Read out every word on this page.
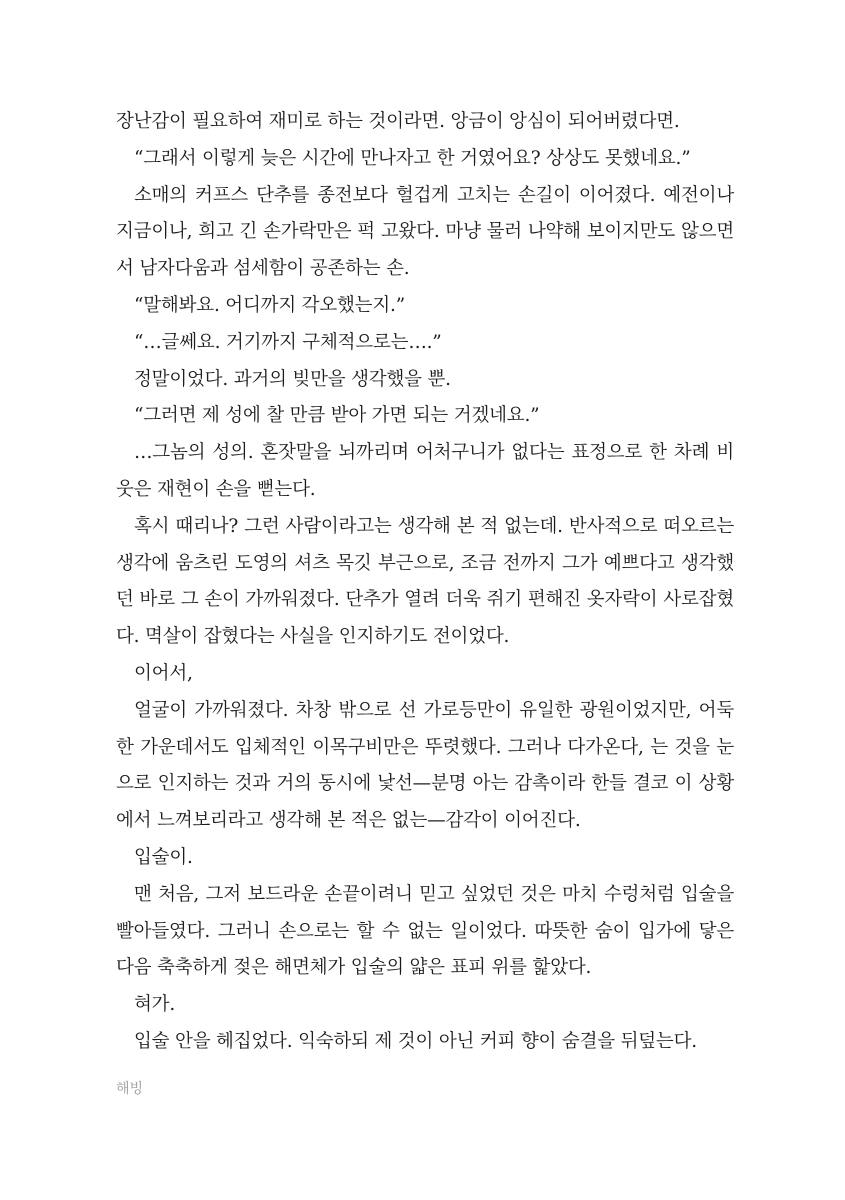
장난감이 필요하여 재미로 하는 것이라면. 앙금이 앙심이 되어버렸다면.

“그래서 이렇게 늦은 시간에 만나자고 한 거였어요? 상상도 못했네요.”

소매의 커프스 단추를 종전보다 헐겁게 고치는 손길이 이어졌다. 예전이나 지금이나, 희고 긴 손가락만은 퍽 고왔다. 마냥 물러 나약해 보이지만도 않으면서 남자다움과 섬세함이 공존하는 손.

“말해봐요. 어디까지 각오했는지.”

“…글쎄요. 거기까지 구체적으로는….”

정말이었다. 과거의 빚만을 생각했을 뿐.

“그러면 제 성에 찰 만큼 받아 가면 되는 거겠네요.”

…그놈의 성의. 혼잣말을 뇌까리며 어처구니가 없다는 표정으로 한 차례 비웃은 재현이 손을 뻗는다.

혹시 때리나? 그런 사람이라고는 생각해 본 적 없는데. 반사적으로 떠오르는 생각에 움츠린 도영의 셔츠 목깃 부근으로, 조금 전까지 그가 예쁘다고 생각했던 바로 그 손이 가까워졌다. 단추가 열려 더욱 쥐기 편해진 옷자락이 사로잡혔다. 멱살이 잡혔다는 사실을 인지하기도 전이었다.

이어서,

얼굴이 가까워졌다. 차창 밖으로 선 가로등만이 유일한 광원이었지만, 어둑한 가운데서도 입체적인 이목구비만은 뚜렷했다. 그러나 다가온다, 는 것을 눈으로 인지하는 것과 거의 동시에 낯선—분명 아는 감촉이라 한들 결코 이 상황에서 느껴보리라고 생각해 본 적은 없는—감각이 이어진다.

입술이.

맨 처음, 그저 보드라운 손끝이려니 믿고 싶었던 것은 마치 수렁처럼 입술을 빨아들였다. 그러니 손으로는 할 수 없는 일이었다. 따뜻한 숨이 입가에 닿은 다음 축축하게 젖은 해면체가 입술의 얇은 표피 위를 핥았다.

혀가.

입술 안을 헤집었다. 익숙하되 제 것이 아닌 커피 향이 숨결을 뒤덮는다.

해빙
